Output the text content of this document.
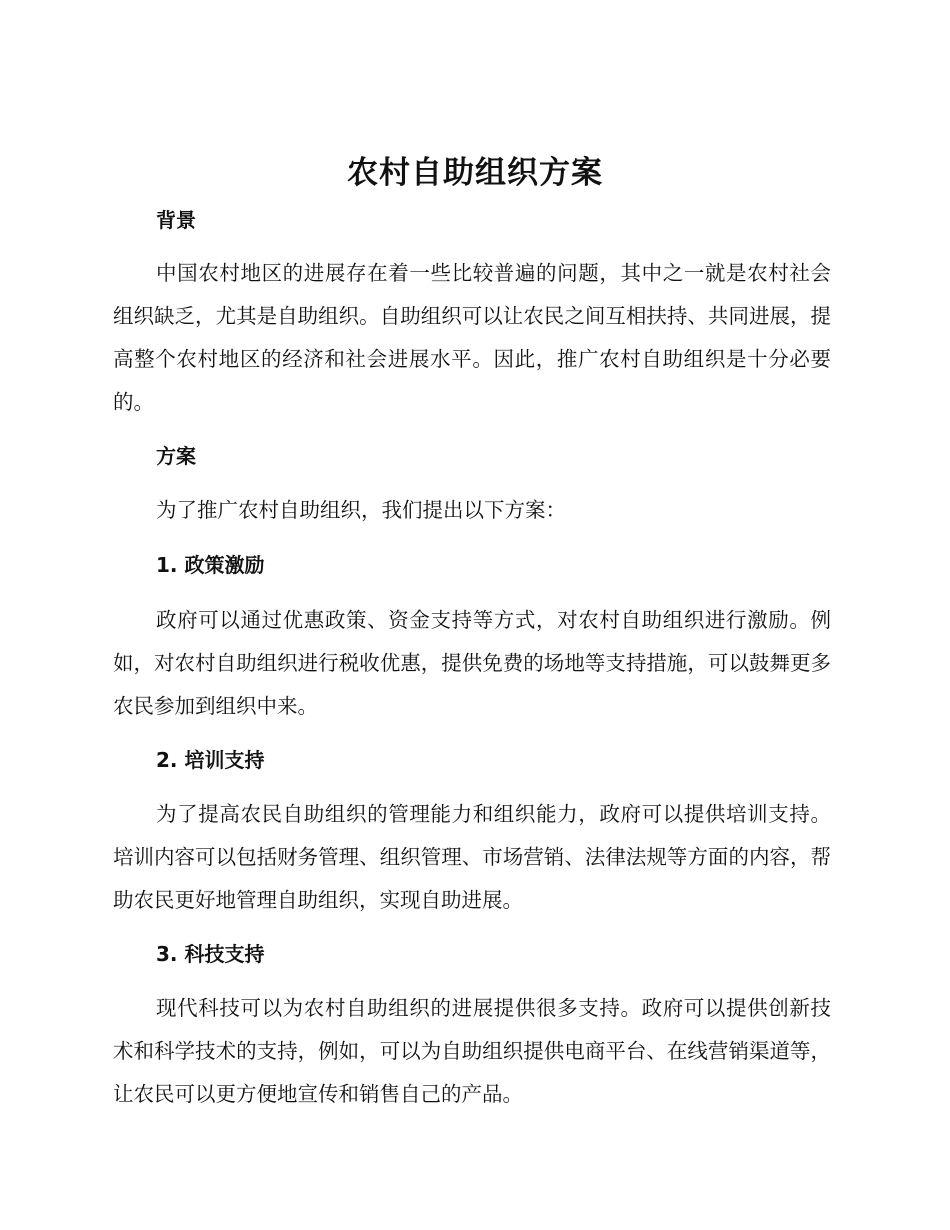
农村自助组织方案
背景

中国农村地区的进展存在着一些比较普遍的问题，其中之一就是农村社会组织缺乏，尤其是自助组织。自助组织可以让农民之间互相扶持、共同进展，提高整个农村地区的经济和社会进展水平。因此，推广农村自助组织是十分必要的。

方案

为了推广农村自助组织，我们提出以下方案：

1. 政策激励

政府可以通过优惠政策、资金支持等方式，对农村自助组织进行激励。例如，对农村自助组织进行税收优惠，提供免费的场地等支持措施，可以鼓舞更多农民参加到组织中来。

2. 培训支持

为了提高农民自助组织的管理能力和组织能力，政府可以提供培训支持。培训内容可以包括财务管理、组织管理、市场营销、法律法规等方面的内容，帮助农民更好地管理自助组织，实现自助进展。

3. 科技支持

现代科技可以为农村自助组织的进展提供很多支持。政府可以提供创新技术和科学技术的支持，例如，可以为自助组织提供电商平台、在线营销渠道等，让农民可以更方便地宣传和销售自己的产品。
